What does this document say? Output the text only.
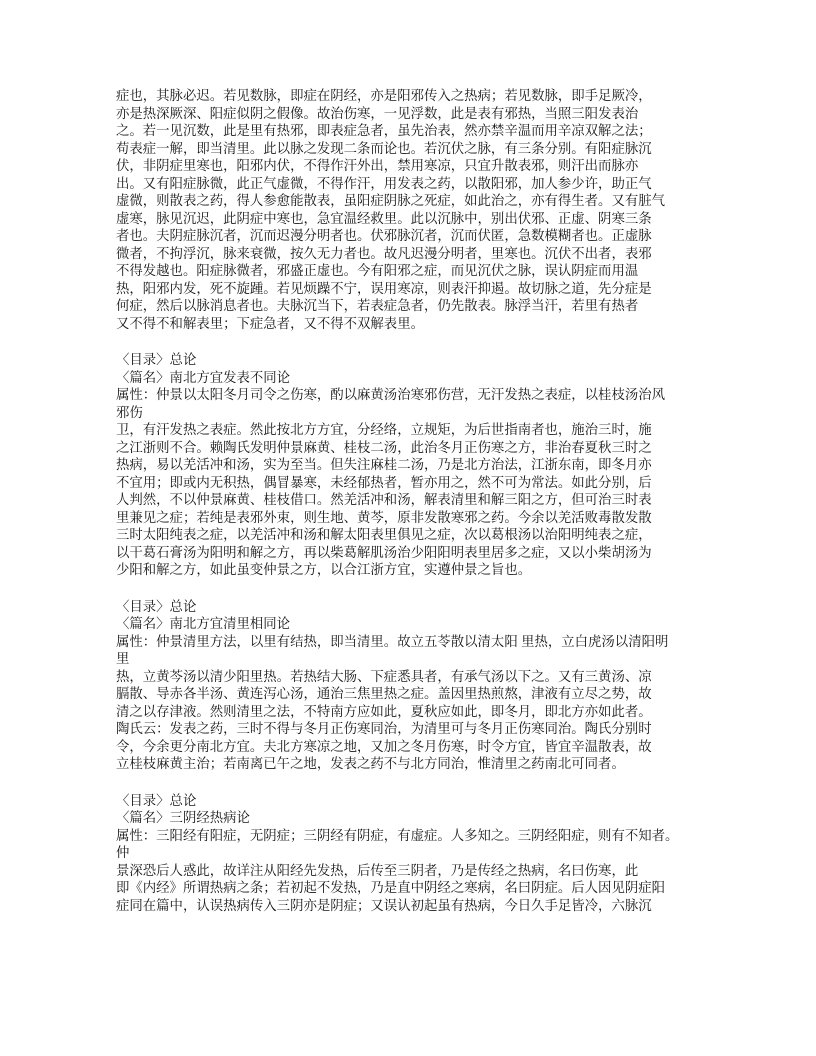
症也，其脉必迟。若见数脉，即症在阴经，亦是阳邪传入之热病；若见数脉，即手足厥冷，
亦是热深厥深、阳症似阴之假像。故治伤寒，一见浮数，此是表有邪热，当照三阳发表治
之。若一见沉数，此是里有热邪，即表症急者，虽先治表，然亦禁辛温而用辛凉双解之法；
苟表症一解，即当清里。此以脉之发现二条而论也。若沉伏之脉，有三条分别。有阳症脉沉
伏，非阴症里寒也，阳邪内伏，不得作汗外出，禁用寒凉，只宜升散表邪，则汗出而脉亦
出。又有阳症脉微，此正气虚微，不得作汗，用发表之药，以散阳邪，加人参少许，助正气
虚微，则散表之药，得人参愈能散表，虽阳症阴脉之死症，如此治之，亦有得生者。又有脏气
虚寒，脉见沉迟，此阴症中寒也，急宜温经救里。此以沉脉中，别出伏邪、正虚、阴寒三条
者也。夫阴症脉沉者，沉而迟漫分明者也。伏邪脉沉者，沉而伏匿，急数模糊者也。正虚脉
微者，不拘浮沉，脉来衰微，按久无力者也。故凡迟漫分明者，里寒也。沉伏不出者，表邪
不得发越也。阳症脉微者，邪盛正虚也。今有阳邪之症，而见沉伏之脉，误认阴症而用温
热，阳邪内发，死不旋踵。若见烦躁不宁，误用寒凉，则表汗抑遏。故切脉之道，先分症是
何症，然后以脉消息者也。夫脉沉当下，若表症急者，仍先散表。脉浮当汗，若里有热者
又不得不和解表里；下症急者，又不得不双解表里。
〈目录〉总论
〈篇名〉南北方宜发表不同论
属性：仲景以太阳冬月司令之伤寒，酌以麻黄汤治寒邪伤营，无汗发热之表症，以桂枝汤治风
邪伤
卫，有汗发热之表症。然此按北方方宜，分经络，立规矩，为后世指南者也，施治三时，施
之江浙则不合。赖陶氏发明仲景麻黄、桂枝二汤，此治冬月正伤寒之方，非治春夏秋三时之
热病，易以羌活冲和汤，实为至当。但失注麻桂二汤，乃是北方治法，江浙东南，即冬月亦
不宜用；即或内无积热，偶冒暴寒，未经郁热者，暂亦用之，然不可为常法。如此分别，后
人判然，不以仲景麻黄、桂枝借口。然羌活冲和汤，解表清里和解三阳之方，但可治三时表
里兼见之症；若纯是表邪外束，则生地、黄芩，原非发散寒邪之药。今余以羌活败毒散发散
三时太阳纯表之症，以羌活冲和汤和解太阳表里俱见之症，次以葛根汤以治阳明纯表之症，
以干葛石膏汤为阳明和解之方，再以柴葛解肌汤治少阳阳明表里居多之症，又以小柴胡汤为
少阳和解之方，如此虽变仲景之方，以合江浙方宜，实遵仲景之旨也。
〈目录〉总论
〈篇名〉南北方宜清里相同论
属性：仲景清里方法，以里有结热，即当清里。故立五苓散以清太阳 里热，立白虎汤以清阳明
里
热，立黄芩汤以清少阳里热。若热结大肠、下症悉具者，有承气汤以下之。又有三黄汤、凉
膈散、导赤各半汤、黄连泻心汤，通治三焦里热之症。盖因里热煎熬，津液有立尽之势，故
清之以存津液。然则清里之法，不特南方应如此，夏秋应如此，即冬月，即北方亦如此者。
陶氏云：发表之药，三时不得与冬月正伤寒同治，为清里可与冬月正伤寒同治。陶氏分别时
令，今余更分南北方宜。夫北方寒凉之地，又加之冬月伤寒，时令方宜，皆宜辛温散表，故
立桂枝麻黄主治；若南离已午之地，发表之药不与北方同治，惟清里之药南北可同者。
〈目录〉总论
〈篇名〉三阴经热病论
属性：三阳经有阳症，无阴症；三阴经有阴症，有虚症。人多知之。三阴经阳症，则有不知者。
仲
景深恐后人惑此，故详注从阳经先发热，后传至三阴者，乃是传经之热病，名曰伤寒，此
即《内经》所谓热病之条；若初起不发热，乃是直中阴经之寒病，名曰阴症。后人因见阴症阳
症同在篇中，认误热病传入三阴亦是阴症；又误认初起虽有热病，今日久手足皆冷，六脉沉
